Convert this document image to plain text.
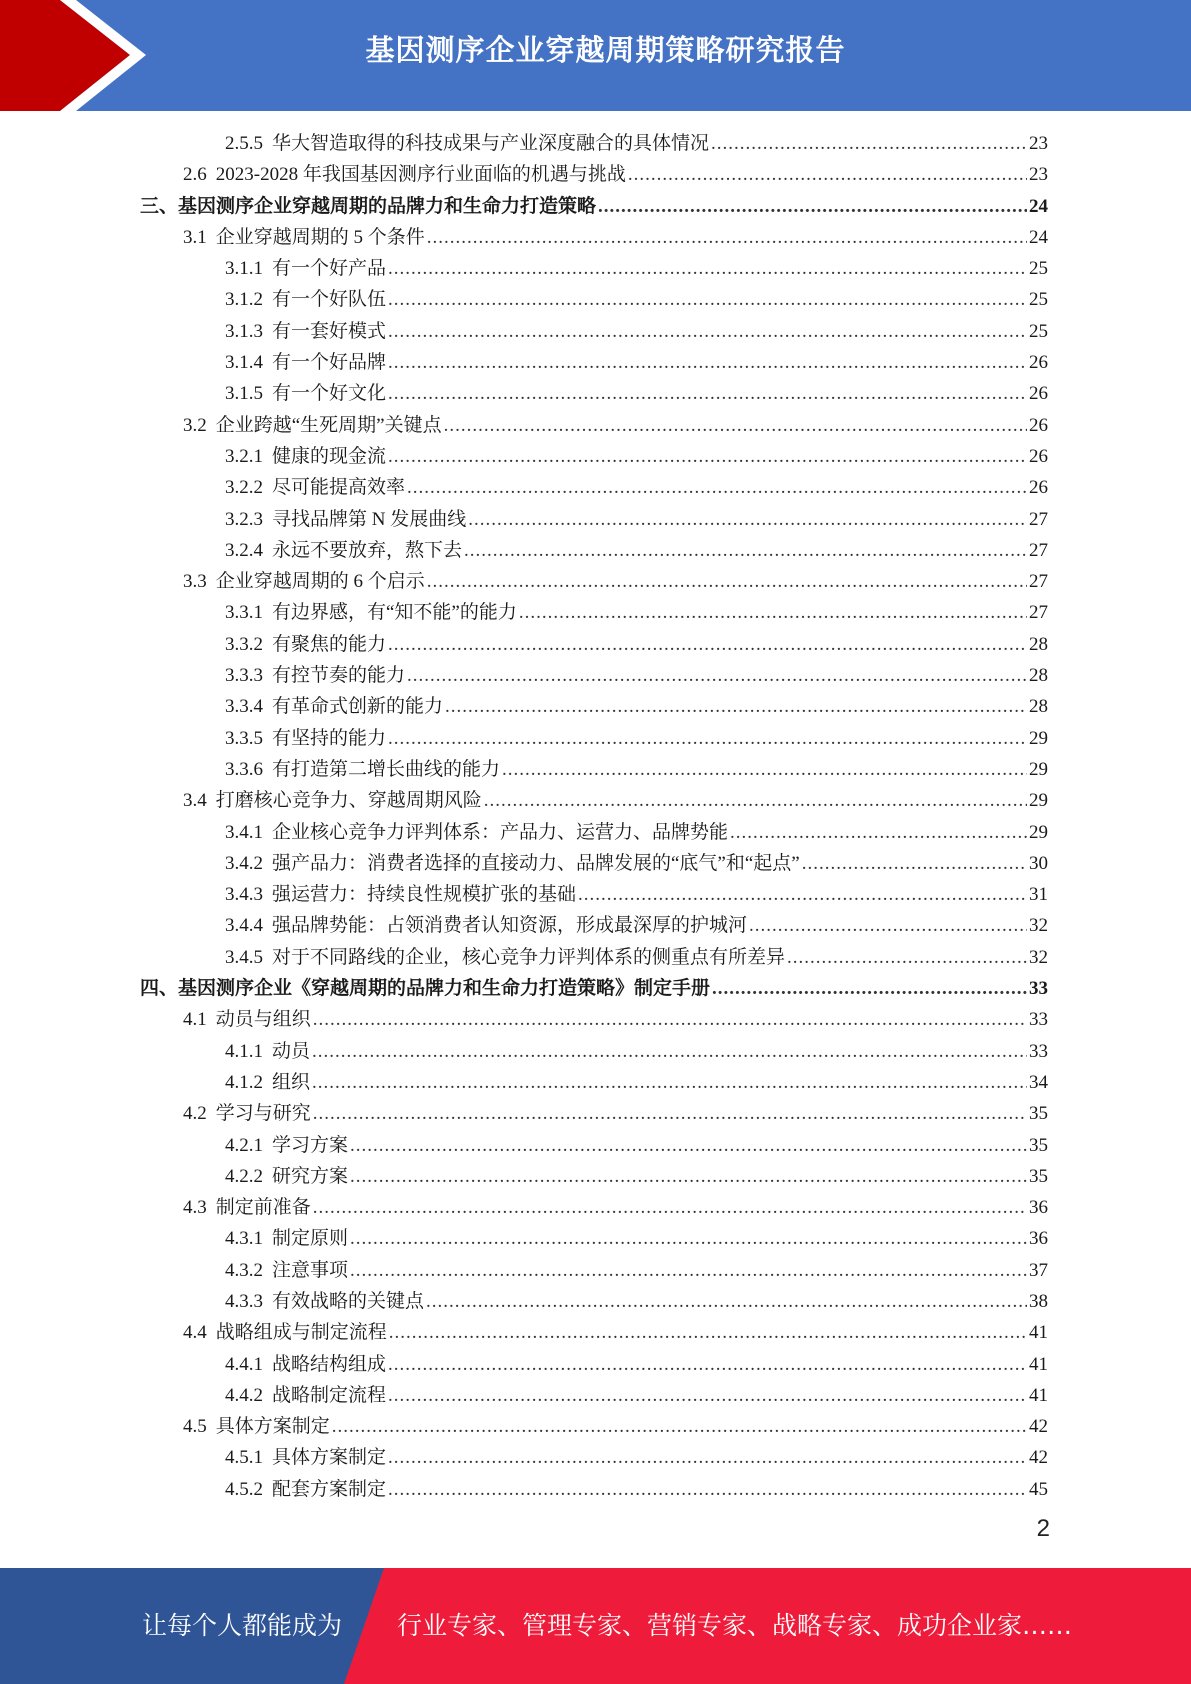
基因测序企业穿越周期策略研究报告
2.5.5 华大智造取得的科技成果与产业深度融合的具体情况 .....	23
2.6 2023-2028 年我国基因测序行业面临的机遇与挑战 .....	23
三、 基因测序企业穿越周期的品牌力和生命力打造策略 .....	24
3.1 企业穿越周期的 5 个条件 .....	24
3.1.1 有一个好产品 .....	25
3.1.2 有一个好队伍 .....	25
3.1.3 有一套好模式 .....	25
3.1.4 有一个好品牌 .....	26
3.1.5 有一个好文化 .....	26
3.2 企业跨越“生死周期”关键点 .....	26
3.2.1 健康的现金流 .....	26
3.2.2 尽可能提高效率 .....	26
3.2.3 寻找品牌第 N 发展曲线 .....	27
3.2.4 永远不要放弃，熬下去 .....	27
3.3 企业穿越周期的 6 个启示 .....	27
3.3.1 有边界感，有“知不能”的能力 .....	27
3.3.2 有聚焦的能力 .....	28
3.3.3 有控节奏的能力 .....	28
3.3.4 有革命式创新的能力 .....	28
3.3.5 有坚持的能力 .....	29
3.3.6 有打造第二增长曲线的能力 .....	29
3.4 打磨核心竞争力、穿越周期风险 .....	29
3.4.1 企业核心竞争力评判体系：产品力、运营力、品牌势能 .....	29
3.4.2 强产品力：消费者选择的直接动力、品牌发展的“底气”和“起点” .....	30
3.4.3 强运营力：持续良性规模扩张的基础 .....	31
3.4.4 强品牌势能：占领消费者认知资源，形成最深厚的护城河 .....	32
3.4.5 对于不同路线的企业，核心竞争力评判体系的侧重点有所差异 .....	32
四、 基因测序企业《穿越周期的品牌力和生命力打造策略》制定手册 .....	33
4.1 动员与组织 .....	33
4.1.1 动员 .....	33
4.1.2 组织 .....	34
4.2 学习与研究 .....	35
4.2.1 学习方案 .....	35
4.2.2 研究方案 .....	35
4.3 制定前准备 .....	36
4.3.1 制定原则 .....	36
4.3.2 注意事项 .....	37
4.3.3 有效战略的关键点 .....	38
4.4 战略组成与制定流程 .....	41
4.4.1 战略结构组成 .....	41
4.4.2 战略制定流程 .....	41
4.5 具体方案制定 .....	42
4.5.1 具体方案制定 .....	42
4.5.2 配套方案制定 .....	45
2
让每个人都能成为 行业专家、管理专家、营销专家、战略专家、成功企业家……
